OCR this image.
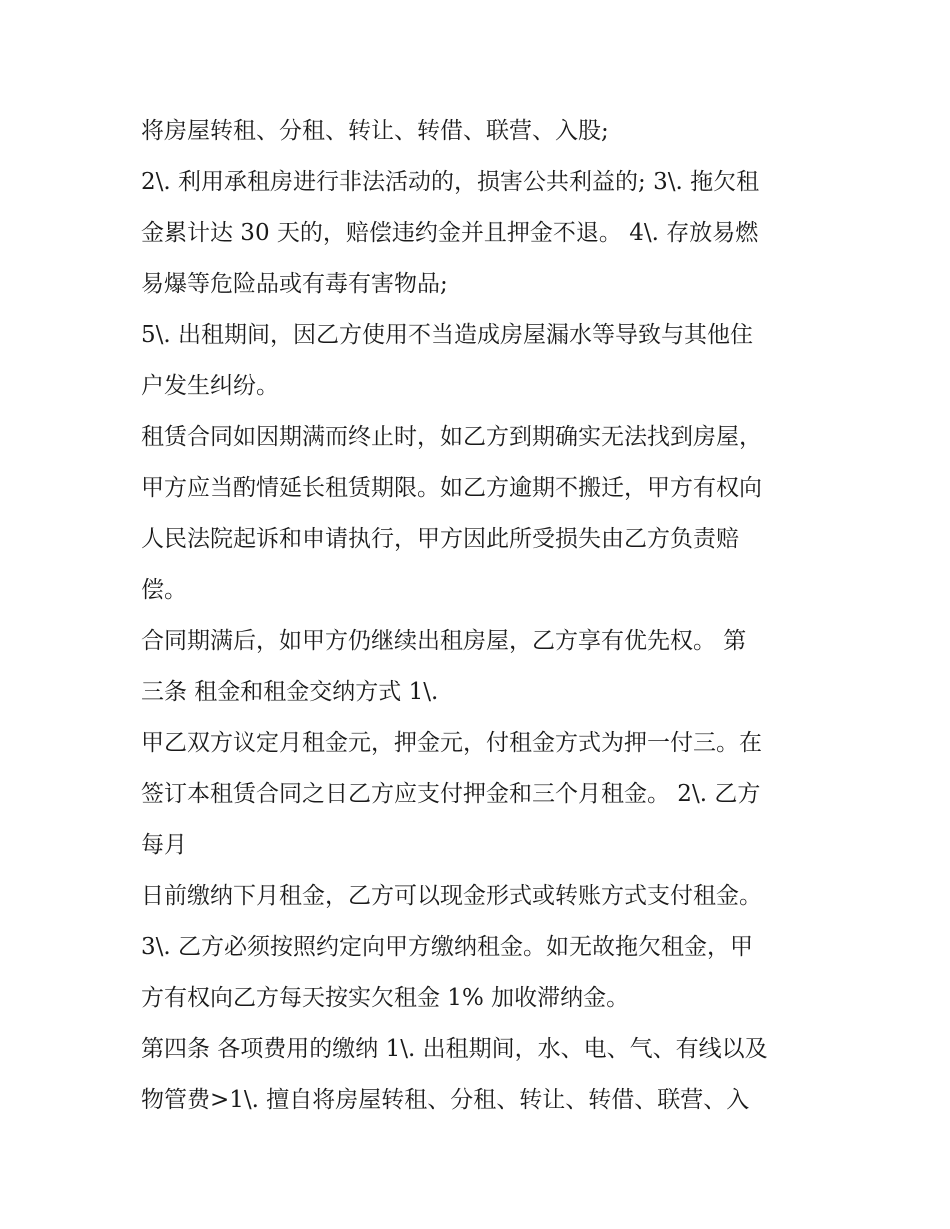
将房屋转租、分租、转让、转借、联营、入股;
2\. 利用承租房进行非法活动的，损害公共利益的; 3\. 拖欠租
金累计达 30 天的，赔偿违约金并且押金不退。 4\. 存放易燃
易爆等危险品或有毒有害物品;
5\. 出租期间，因乙方使用不当造成房屋漏水等导致与其他住
户发生纠纷。
租赁合同如因期满而终止时，如乙方到期确实无法找到房屋，
甲方应当酌情延长租赁期限。如乙方逾期不搬迁，甲方有权向
人民法院起诉和申请执行，甲方因此所受损失由乙方负责赔
偿。
合同期满后，如甲方仍继续出租房屋，乙方享有优先权。 第
三条 租金和租金交纳方式 1\.
甲乙双方议定月租金元，押金元，付租金方式为押一付三。在
签订本租赁合同之日乙方应支付押金和三个月租金。 2\. 乙方
每月
日前缴纳下月租金，乙方可以现金形式或转账方式支付租金。
3\. 乙方必须按照约定向甲方缴纳租金。如无故拖欠租金，甲
方有权向乙方每天按实欠租金 1% 加收滞纳金。
第四条 各项费用的缴纳 1\. 出租期间，水、电、气、有线以及
物管费>1\. 擅自将房屋转租、分租、转让、转借、联营、入
